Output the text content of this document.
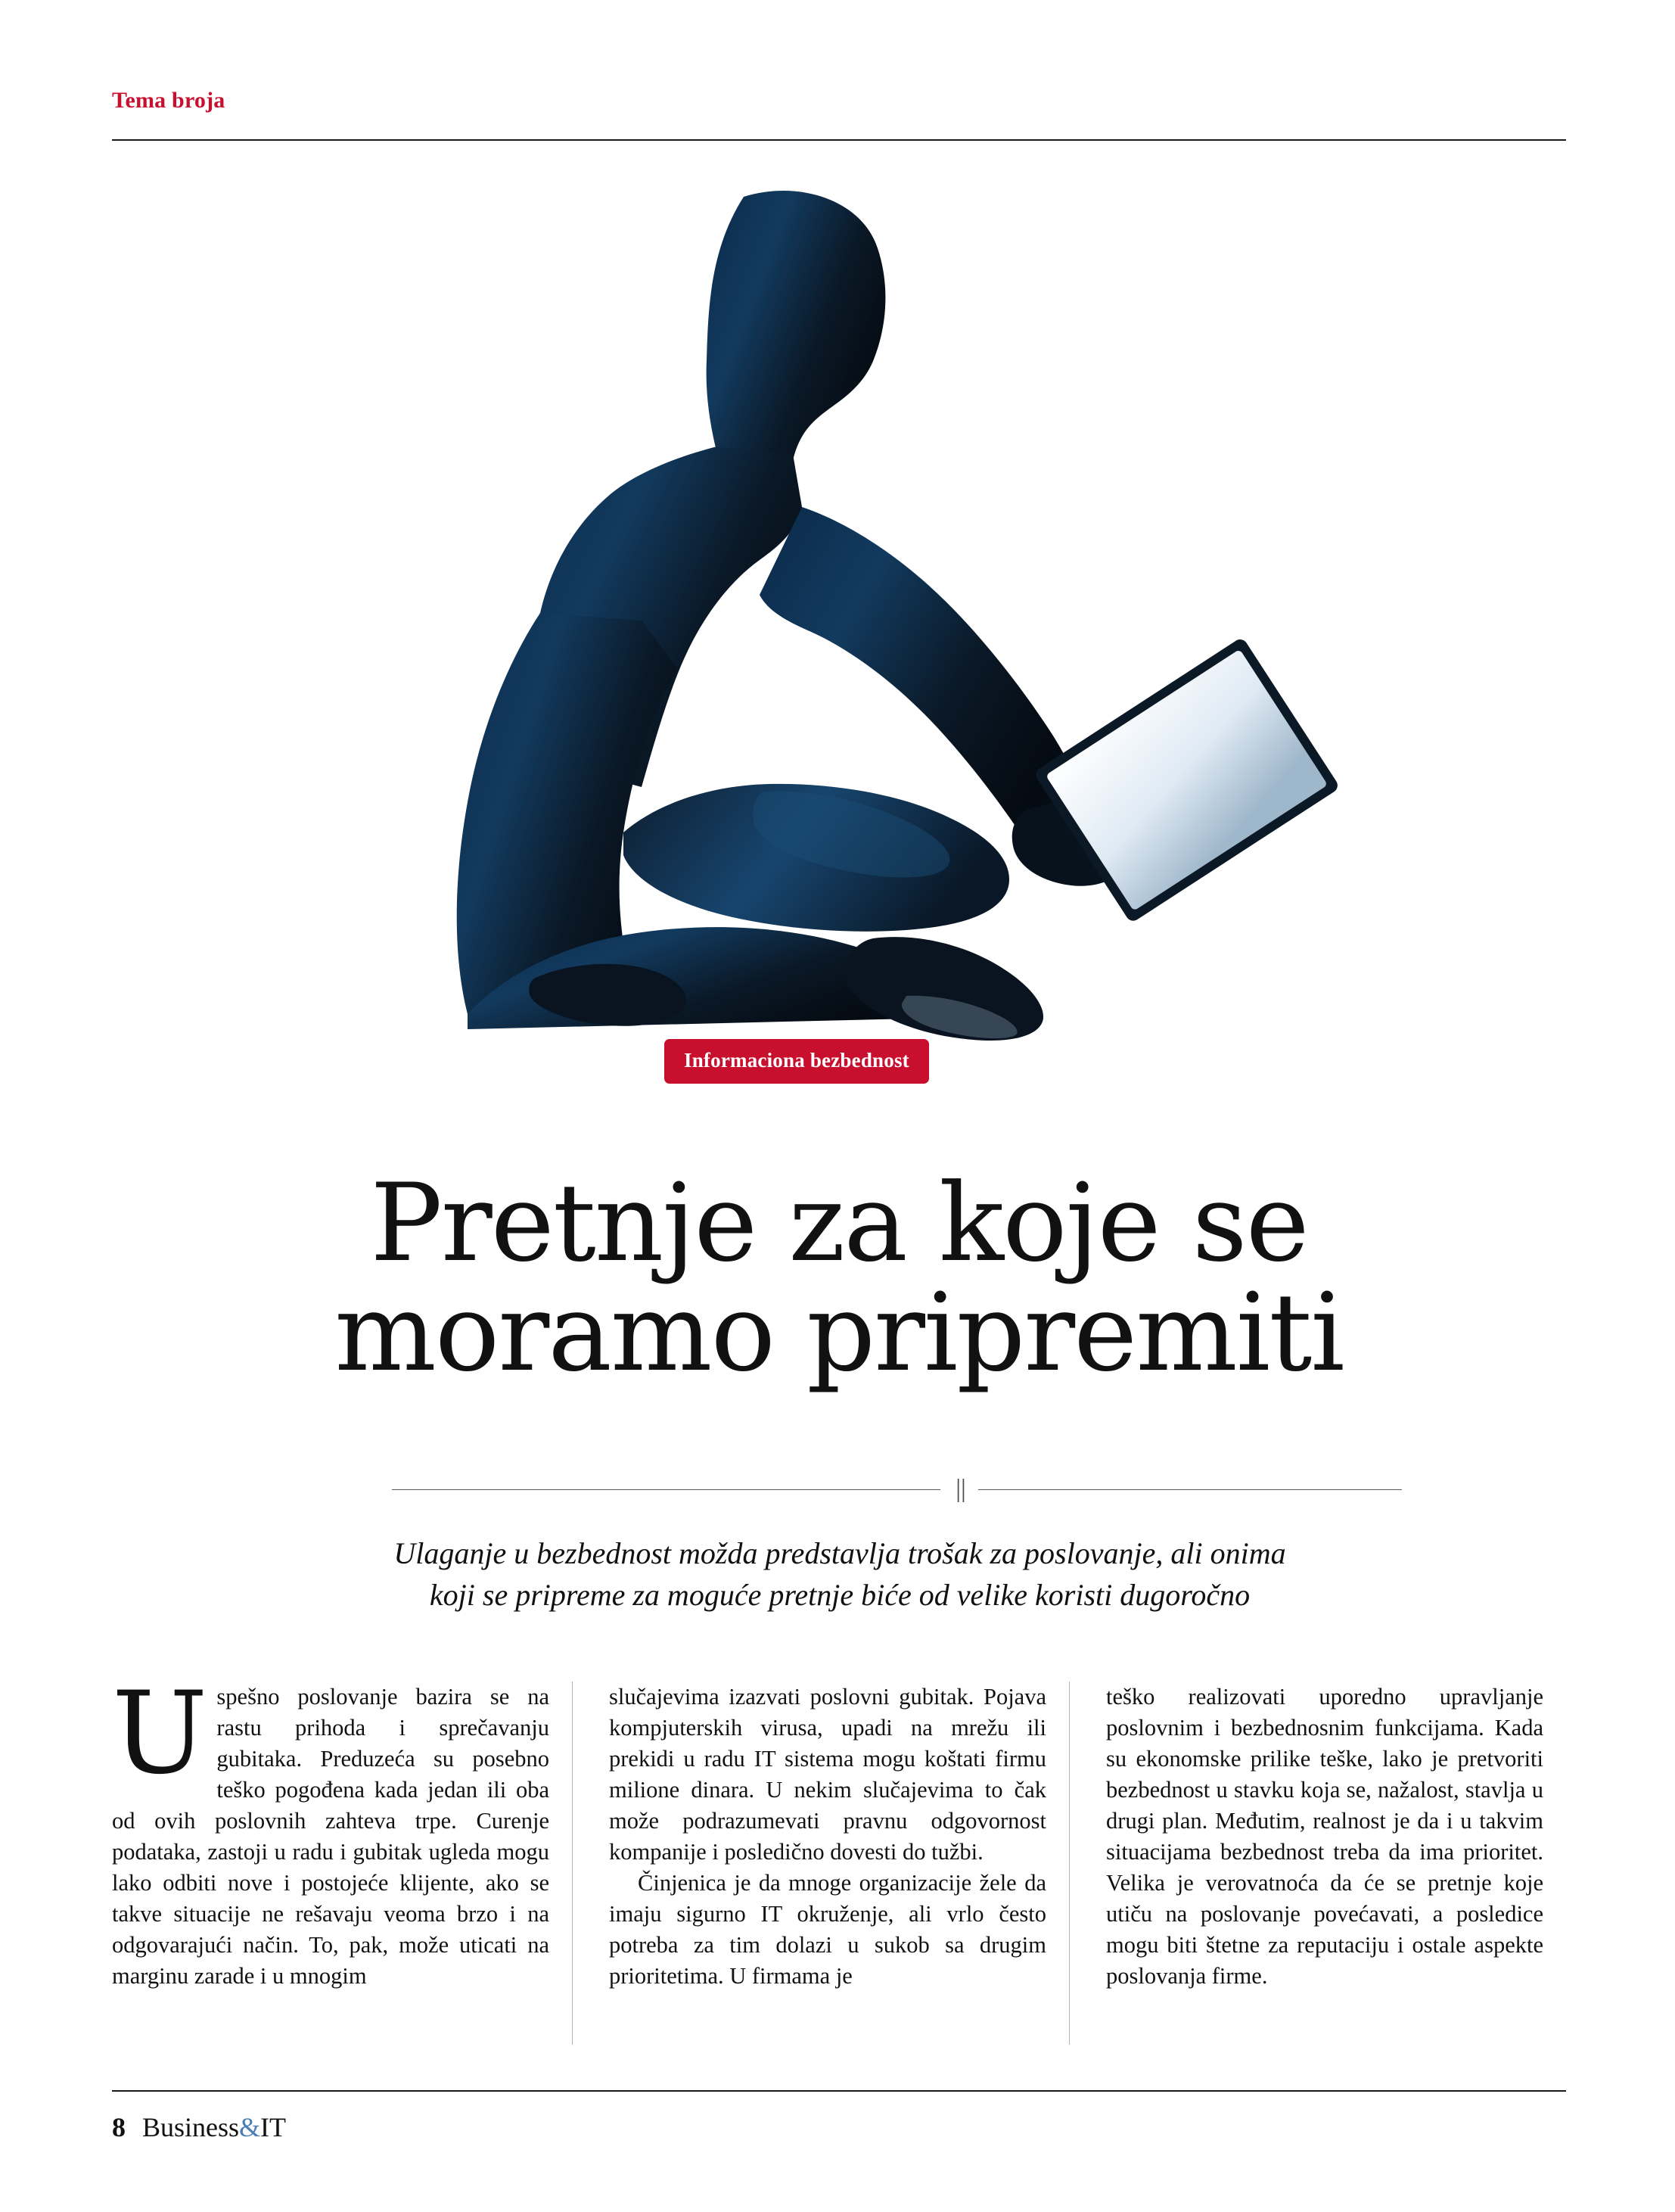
Tema broja
Informaciona bezbednost
Pretnje za koje se
moramo pripremiti
||
Ulaganje u bezbednost možda predstavlja trošak za poslovanje, ali onima
koji se pripreme za moguće pretnje biće od velike koristi dugoročno

Uspešno poslovanje bazira se na rastu prihoda i sprečavanju gubitaka. Preduzeća su posebno teško pogođena kada jedan ili oba od ovih poslovnih zahteva trpe. Curenje podataka, zastoji u radu i gubitak ugleda mogu lako odbiti nove i postojeće klijente, ako se takve situacije ne rešavaju veoma brzo i na odgovarajući način. To, pak, može uticati na marginu zarade i u mnogim

slučajevima izazvati poslovni gubitak. Pojava kompjuterskih virusa, upadi na mrežu ili prekidi u radu IT sistema mogu koštati firmu milione dinara. U nekim slučajevima to čak može podrazumevati pravnu odgovornost kompanije i posledično dovesti do tužbi.

Činjenica je da mnoge organizacije žele da imaju sigurno IT okruženje, ali vrlo često potreba za tim dolazi u sukob sa drugim prioritetima. U firmama je

teško realizovati uporedno upravljanje poslovnim i bezbednosnim funkcijama. Kada su ekonomske prilike teške, lako je pretvoriti bezbednost u stavku koja se, nažalost, stavlja u drugi plan. Međutim, realnost je da i u takvim situacijama bezbednost treba da ima prioritet. Velika je verovatnoća da će se pretnje koje utiču na poslovanje povećavati, a posledice mogu biti štetne za reputaciju i ostale aspekte poslovanja firme.

8 Business&IT
